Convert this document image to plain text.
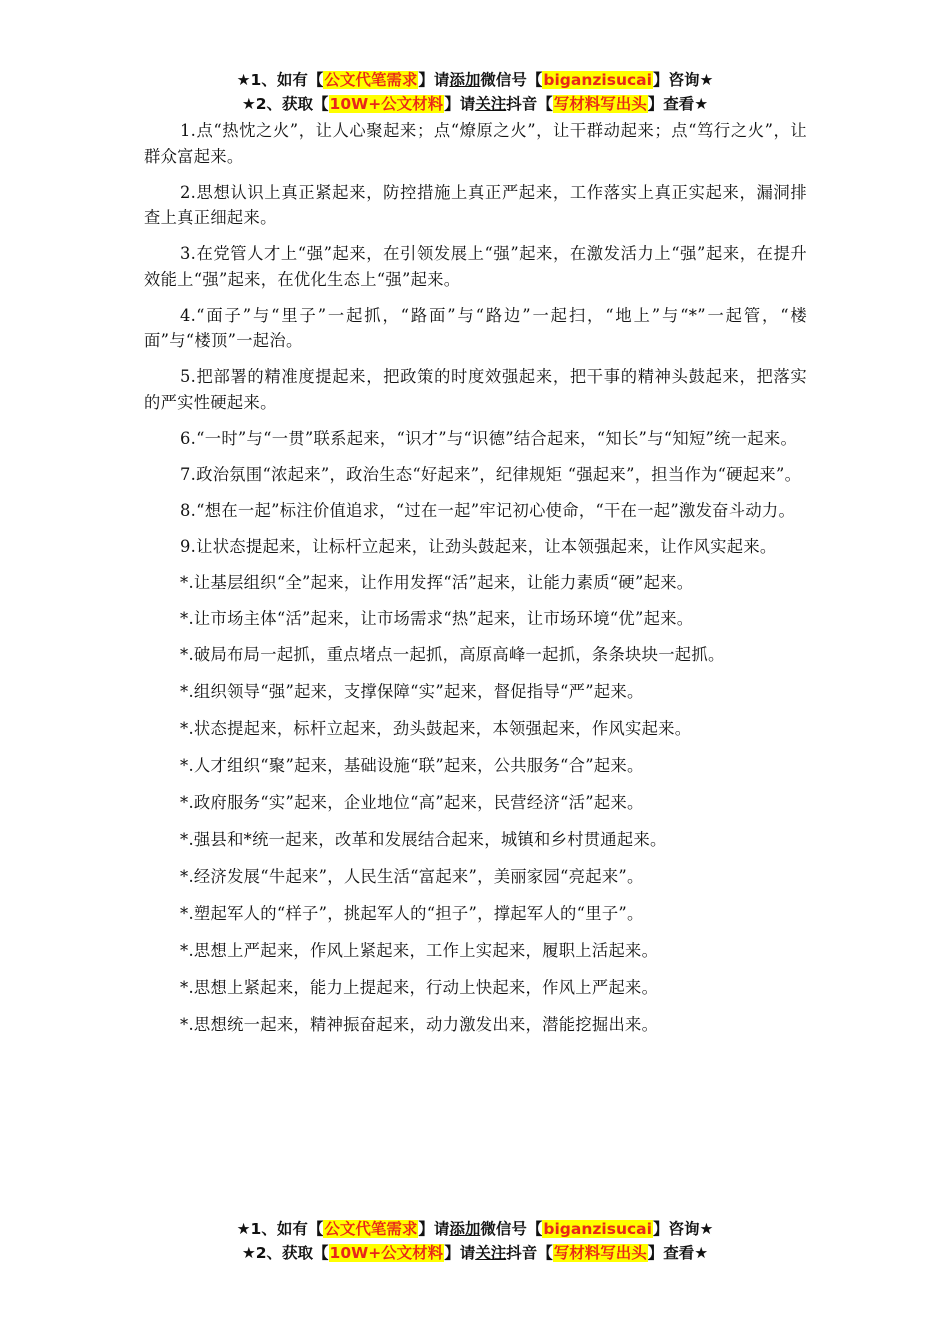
★1、如有【公文代笔需求】请添加微信号【biganzisucai】咨询★
★2、获取【10W+公文材料】请关注抖音【写材料写出头】查看★

1.点“热忱之火”，让人心聚起来；点“燎原之火”，让干群动起来；点“笃行之火”，让群众富起来。

2.思想认识上真正紧起来，防控措施上真正严起来，工作落实上真正实起来，漏洞排查上真正细起来。

3.在党管人才上“强”起来，在引领发展上“强”起来，在激发活力上“强”起来，在提升效能上“强”起来，在优化生态上“强”起来。

4.“面子”与“里子”一起抓，“路面”与“路边”一起扫，“地上”与“*”一起管，“楼面”与“楼顶”一起治。

5.把部署的精准度提起来，把政策的时度效强起来，把干事的精神头鼓起来，把落实的严实性硬起来。

6.“一时”与“一贯”联系起来，“识才”与“识德”结合起来，“知长”与“知短”统一起来。

7.政治氛围“浓起来”，政治生态“好起来”，纪律规矩 “强起来”，担当作为“硬起来”。

8.“想在一起”标注价值追求，“过在一起”牢记初心使命，“干在一起”激发奋斗动力。

9.让状态提起来，让标杆立起来，让劲头鼓起来，让本领强起来，让作风实起来。

*.让基层组织“全”起来，让作用发挥“活”起来，让能力素质“硬”起来。

*.让市场主体“活”起来，让市场需求“热”起来，让市场环境“优”起来。

*.破局布局一起抓，重点堵点一起抓，高原高峰一起抓，条条块块一起抓。

*.组织领导“强”起来，支撑保障“实”起来，督促指导“严”起来。

*.状态提起来，标杆立起来，劲头鼓起来，本领强起来，作风实起来。

*.人才组织“聚”起来，基础设施“联”起来，公共服务“合”起来。

*.政府服务“实”起来，企业地位“高”起来，民营经济“活”起来。

*.强县和*统一起来，改革和发展结合起来，城镇和乡村贯通起来。

*.经济发展“牛起来”，人民生活“富起来”，美丽家园“亮起来”。

*.塑起军人的“样子”，挑起军人的“担子”，撑起军人的“里子”。

*.思想上严起来，作风上紧起来，工作上实起来，履职上活起来。

*.思想上紧起来，能力上提起来，行动上快起来，作风上严起来。

*.思想统一起来，精神振奋起来，动力激发出来，潜能挖掘出来。

★1、如有【公文代笔需求】请添加微信号【biganzisucai】咨询★
★2、获取【10W+公文材料】请关注抖音【写材料写出头】查看★
